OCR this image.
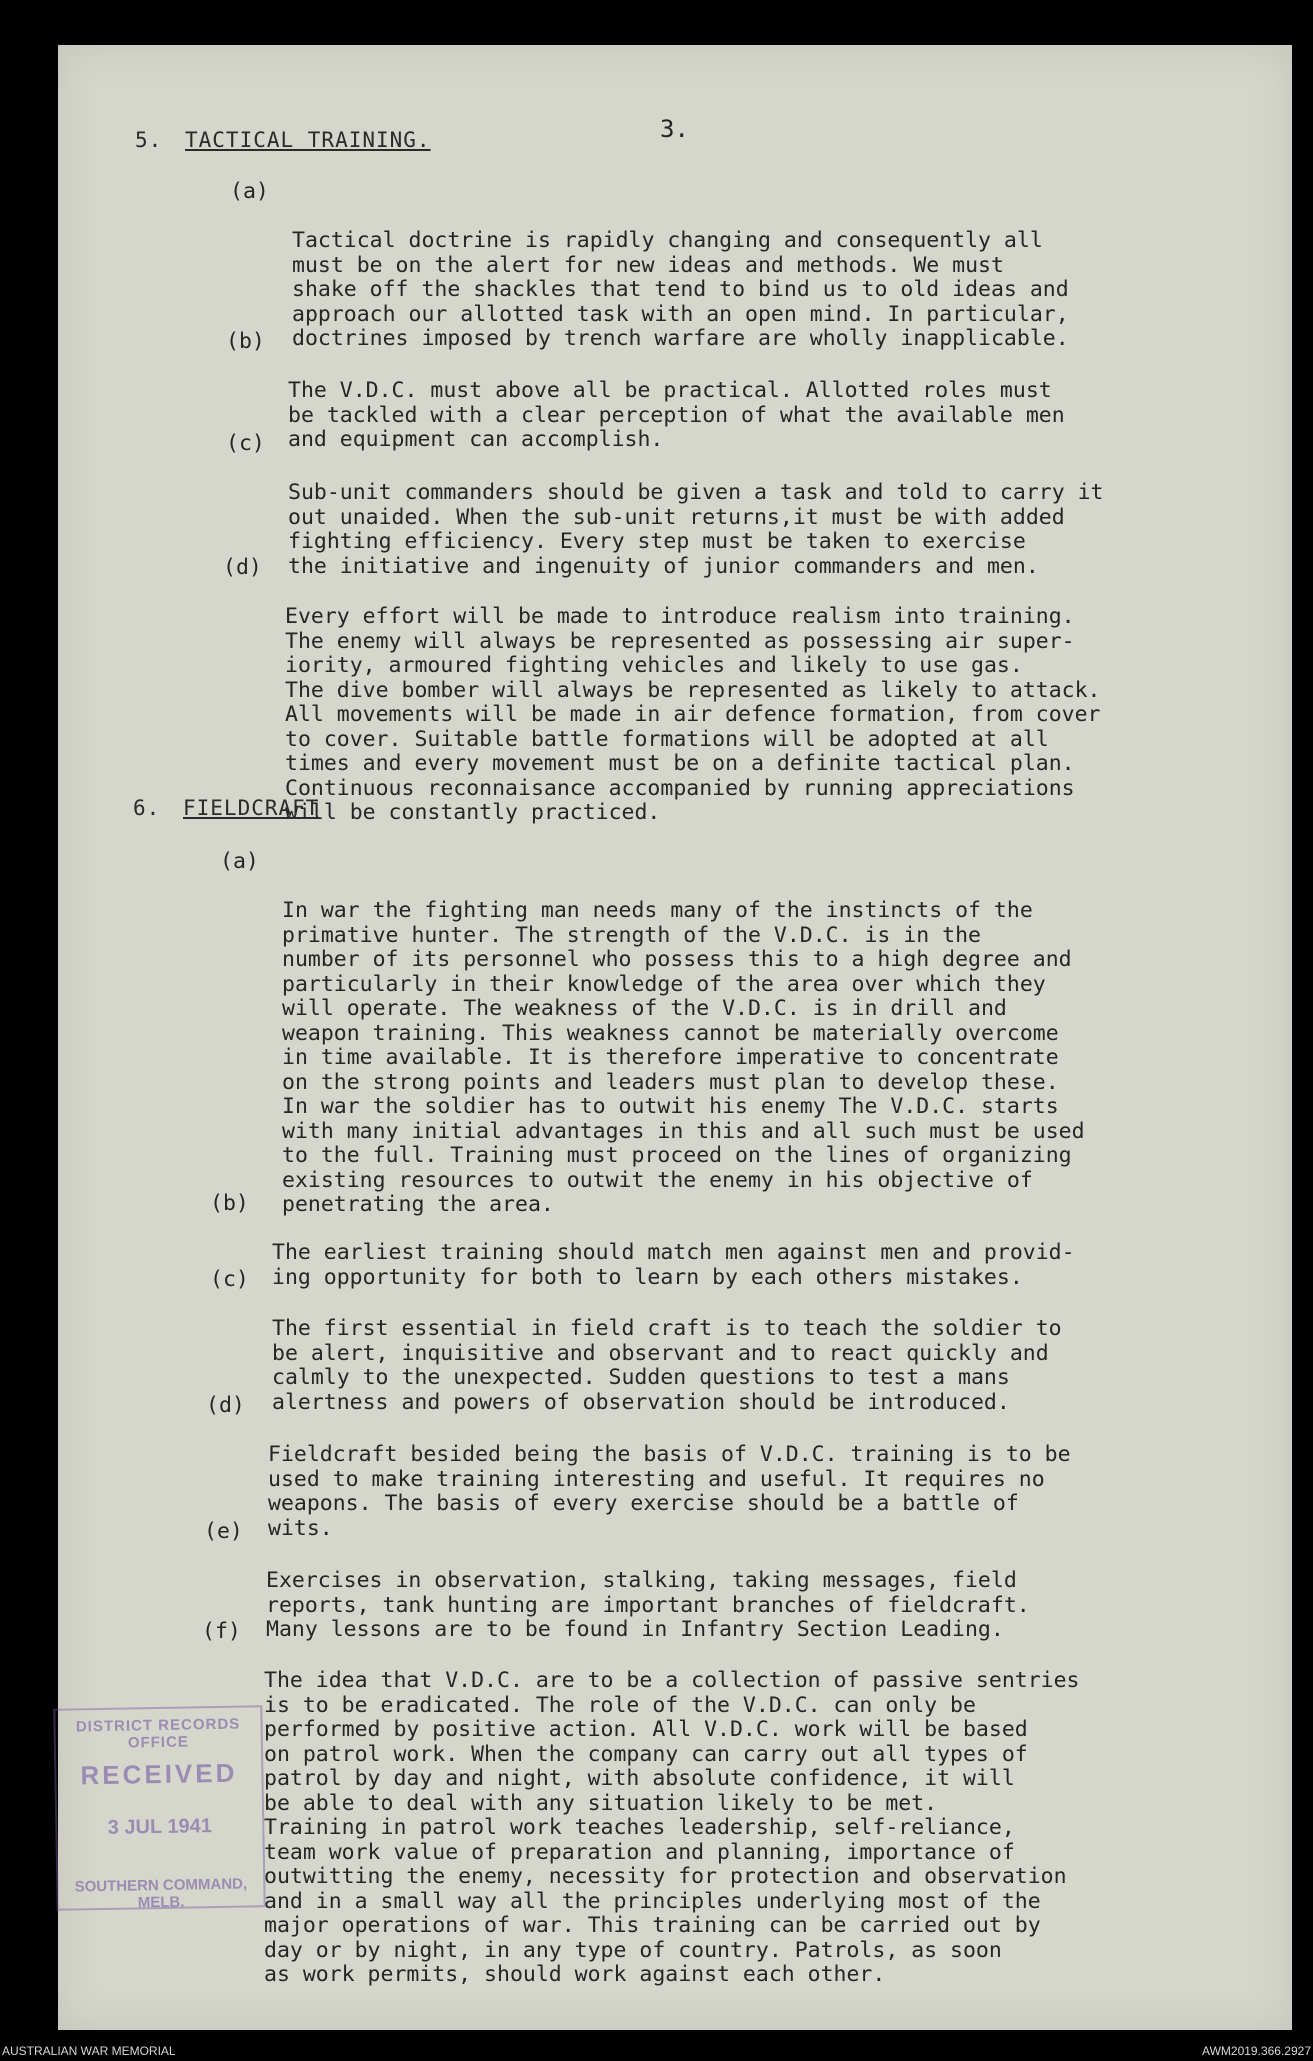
3.
5. TACTICAL TRAINING.

(a)

Tactical doctrine is rapidly changing and consequently all
must be on the alert for new ideas and methods. We must
shake off the shackles that tend to bind us to old ideas and
approach our allotted task with an open mind. In particular,
doctrines imposed by trench warfare are wholly inapplicable.

(b)

The V.D.C. must above all be practical. Allotted roles must
be tackled with a clear perception of what the available men
and equipment can accomplish.

(c)

Sub-unit commanders should be given a task and told to carry it
out unaided. When the sub-unit returns,it must be with added
fighting efficiency. Every step must be taken to exercise
the initiative and ingenuity of junior commanders and men.

(d)

Every effort will be made to introduce realism into training.
The enemy will always be represented as possessing air super-
iority, armoured fighting vehicles and likely to use gas.
The dive bomber will always be represented as likely to attack.
All movements will be made in air defence formation, from cover
to cover. Suitable battle formations will be adopted at all
times and every movement must be on a definite tactical plan.
Continuous reconnaisance accompanied by running appreciations
will be constantly practiced.

6. FIELDCRAFT

(a)

In war the fighting man needs many of the instincts of the
primative hunter. The strength of the V.D.C. is in the
number of its personnel who possess this to a high degree and
particularly in their knowledge of the area over which they
will operate. The weakness of the V.D.C. is in drill and
weapon training. This weakness cannot be materially overcome
in time available. It is therefore imperative to concentrate
on the strong points and leaders must plan to develop these.
In war the soldier has to outwit his enemy The V.D.C. starts
with many initial advantages in this and all such must be used
to the full. Training must proceed on the lines of organizing
existing resources to outwit the enemy in his objective of
penetrating the area.

(b)

The earliest training should match men against men and provid-
ing opportunity for both to learn by each others mistakes.

(c)

The first essential in field craft is to teach the soldier to
be alert, inquisitive and observant and to react quickly and
calmly to the unexpected. Sudden questions to test a mans
alertness and powers of observation should be introduced.

(d)

Fieldcraft besided being the basis of V.D.C. training is to be
used to make training interesting and useful. It requires no
weapons. The basis of every exercise should be a battle of
wits.

(e)

Exercises in observation, stalking, taking messages, field
reports, tank hunting are important branches of fieldcraft.
Many lessons are to be found in Infantry Section Leading.

(f)

The idea that V.D.C. are to be a collection of passive sentries
is to be eradicated. The role of the V.D.C. can only be
performed by positive action. All V.D.C. work will be based
on patrol work. When the company can carry out all types of
patrol by day and night, with absolute confidence, it will
be able to deal with any situation likely to be met.
Training in patrol work teaches leadership, self-reliance,
team work value of preparation and planning, importance of
outwitting the enemy, necessity for protection and observation
and in a small way all the principles underlying most of the
major operations of war. This training can be carried out by
day or by night, in any type of country. Patrols, as soon
as work permits, should work against each other.

DISTRICT RECORDS OFFICE
RECEIVED
3 JUL 1941
SOUTHERN COMMAND, MELB.
AUSTRALIAN WAR MEMORIAL	AWM2019.366.2927
